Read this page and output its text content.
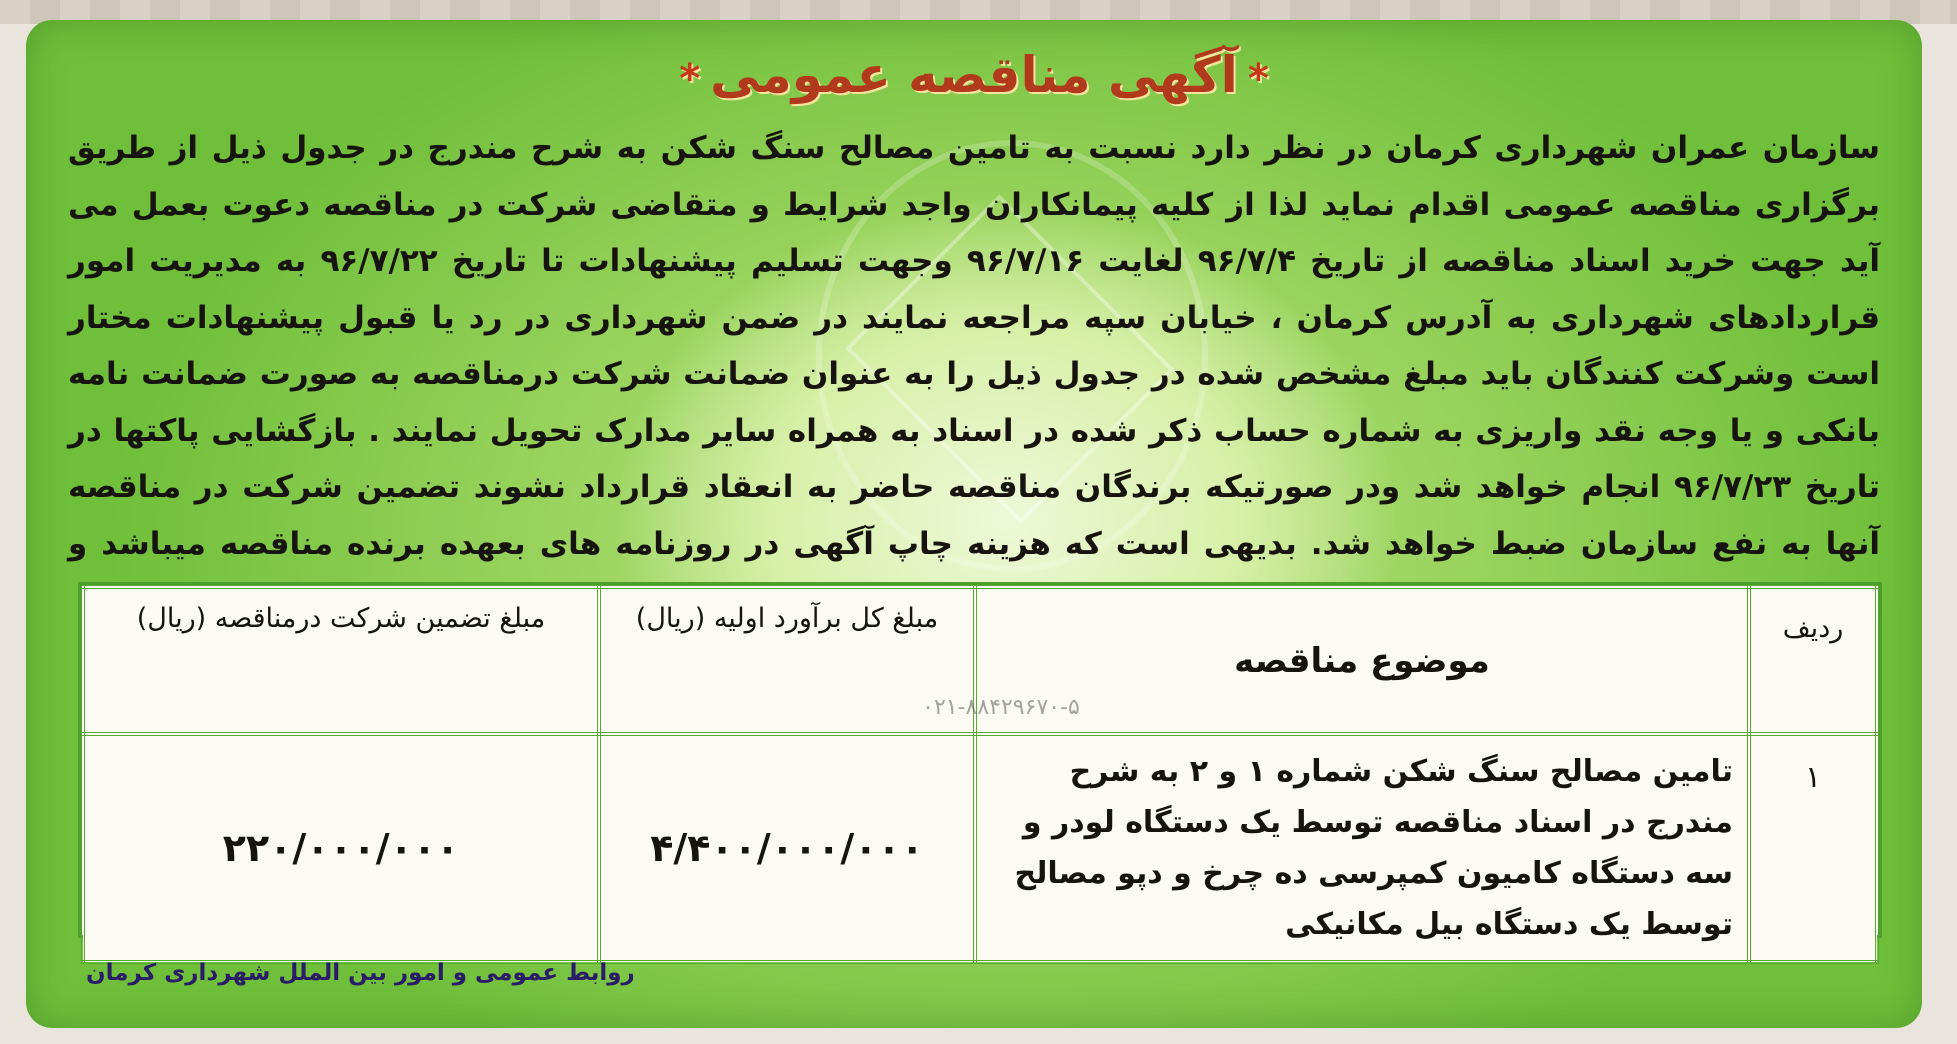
*آگهی مناقصه عمومی*
سازمان عمران شهرداری کرمان در نظر دارد نسبت به تامین مصالح سنگ شکن به شرح مندرج در جدول ذیل از طریق برگزاری مناقصه عمومی اقدام نماید لذا از کلیه پیمانکاران واجد شرایط و متقاضی شرکت در مناقصه دعوت بعمل می آید جهت خرید اسناد مناقصه از تاریخ ۹۶/۷/۴ لغایت ۹۶/۷/۱۶ وجهت تسلیم پیشنهادات تا تاریخ ۹۶/۷/۲۲ به مدیریت امور قراردادهای شهرداری به آدرس کرمان ، خیابان سپه مراجعه نمایند در ضمن شهرداری در رد یا قبول پیشنهادات مختار است وشرکت کنندگان باید مبلغ مشخص شده در جدول ذیل را به عنوان ضمانت شرکت درمناقصه به صورت ضمانت نامه بانکی و یا وجه نقد واریزی به شماره حساب ذکر شده در اسناد به همراه سایر مدارک تحویل نمایند . بازگشایی پاکتها در تاریخ ۹۶/۷/۲۳ انجام خواهد شد ودر صورتیکه برندگان مناقصه حاضر به انعقاد قرارداد نشوند تضمین شرکت در مناقصه آنها به نفع سازمان ضبط خواهد شد. بدیهی است که هزینه چاپ آگهی در روزنامه های بعهده برنده مناقصه میباشد و
۰۲۱-۸۸۴۲۹۶۷۰-۵
ردیف	موضوع مناقصه	مبلغ کل برآورد اولیه (ریال)	مبلغ تضمین شرکت درمناقصه (ریال)
۱	تامین مصالح سنگ شکن شماره ۱ و ۲ به شرح مندرج در اسناد مناقصه توسط یک دستگاه لودر و سه دستگاه کامیون کمپرسی ده چرخ و دپو مصالح توسط یک دستگاه بیل مکانیکی	۴/۴۰۰/۰۰۰/۰۰۰	۲۲۰/۰۰۰/۰۰۰
روابط عمومی و امور بین الملل شهرداری کرمان
